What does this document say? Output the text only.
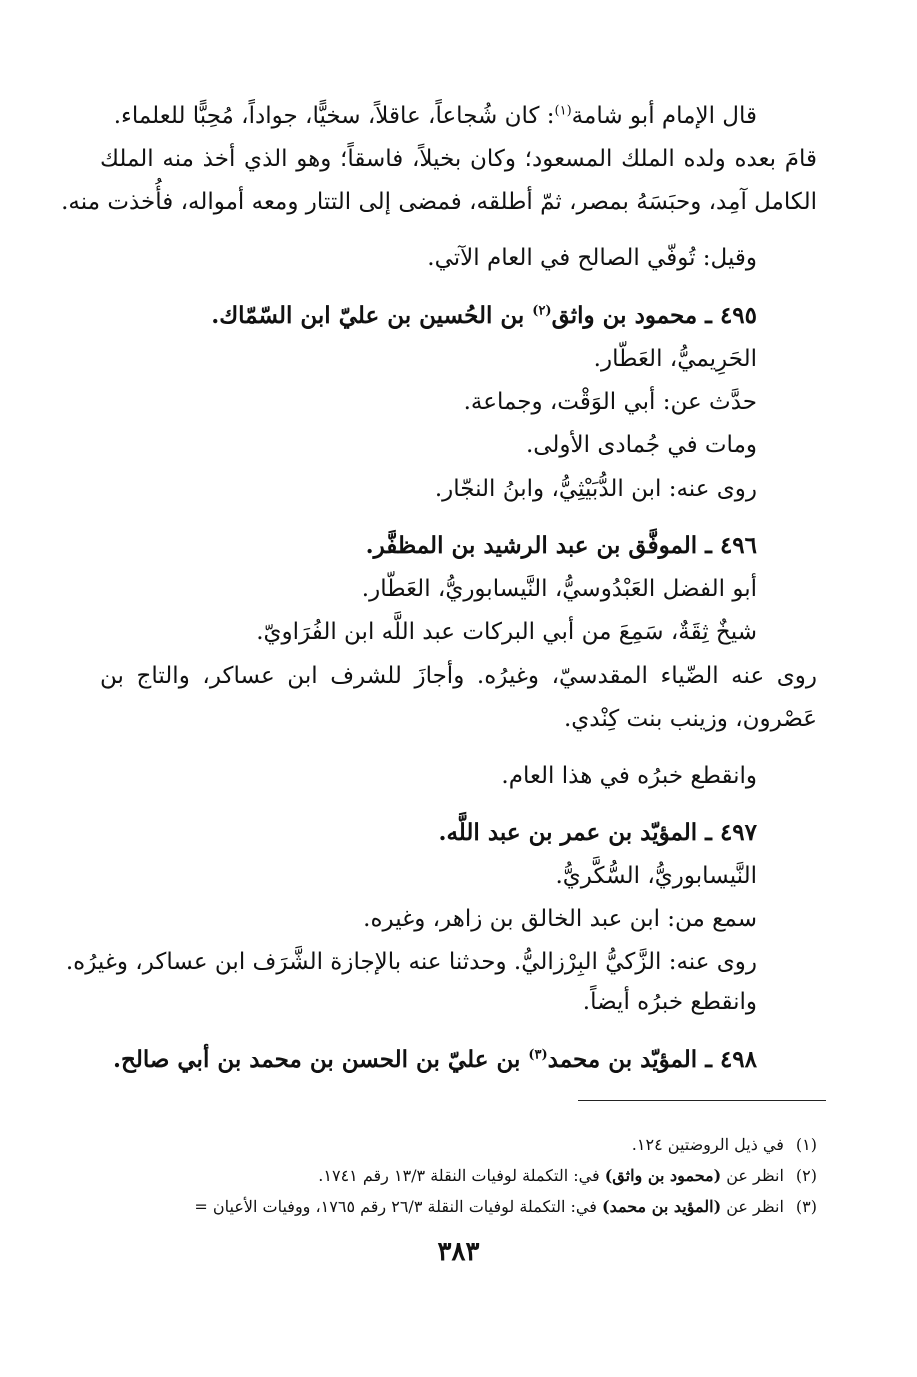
قال الإمام أبو شامة$^{(١)}$: كان شُجاعاً، عاقلاً، سخيًّا، جواداً، مُحِبًّا للعلماء.
قامَ بعده ولده الملك المسعود؛ وكان بخيلاً، فاسقاً؛ وهو الذي أخذ منه الملك
الكامل آمِد، وحبَسَهُ بمصر، ثمّ أطلقه، فمضى إلى التتار ومعه أمواله، فأُخذت منه.
وقيل: تُوفّي الصالح في العام الآتي.
٤٩٥ ـ محمود بن واثق$^{(٢)}$ بن الحُسين بن عليّ ابن السّمّاك.
الحَرِيميُّ، العَطّار.
حدَّث عن: أبي الوَقْت، وجماعة.
ومات في جُمادى الأولى.
روى عنه: ابن الدُّبَيْثِيُّ، وابنُ النجّار.
٤٩٦ ـ الموفَّق بن عبد الرشيد بن المظفَّر.
أبو الفضل العَبْدُوسيُّ، النَّيسابوريُّ، العَطّار.
شيخٌ ثِقَةٌ، سَمِعَ من أبي البركات عبد اللَّه ابن الفُرَاويّ.
روى عنه الضّياء المقدسيّ، وغيرُه. وأجازَ للشرف ابن عساكر، والتاج بن
عَصْرون، وزينب بنت كِنْدي.
وانقطع خبرُه في هذا العام.
٤٩٧ ـ المؤيّد بن عمر بن عبد اللَّه.
النَّيسابوريُّ، السُّكَّريُّ.
سمع من: ابن عبد الخالق بن زاهر، وغيره.
روى عنه: الزَّكيُّ البِرْزاليُّ. وحدثنا عنه بالإجازة الشَّرَف ابن عساكر، وغيرُه.
وانقطع خبرُه أيضاً.
٤٩٨ ـ المؤيّد بن محمد$^{(٣)}$ بن عليّ بن الحسن بن محمد بن أبي صالح.
(١)في ذيل الروضتين ١٢٤.
(٢)انظر عن (محمود بن واثق) في: التكملة لوفيات النقلة ١٣/٣ رقم ١٧٤١.
(٣)انظر عن (المؤيد بن محمد) في: التكملة لوفيات النقلة ٢٦/٣ رقم ١٧٦٥، ووفيات الأعيان =
٣٨٣
